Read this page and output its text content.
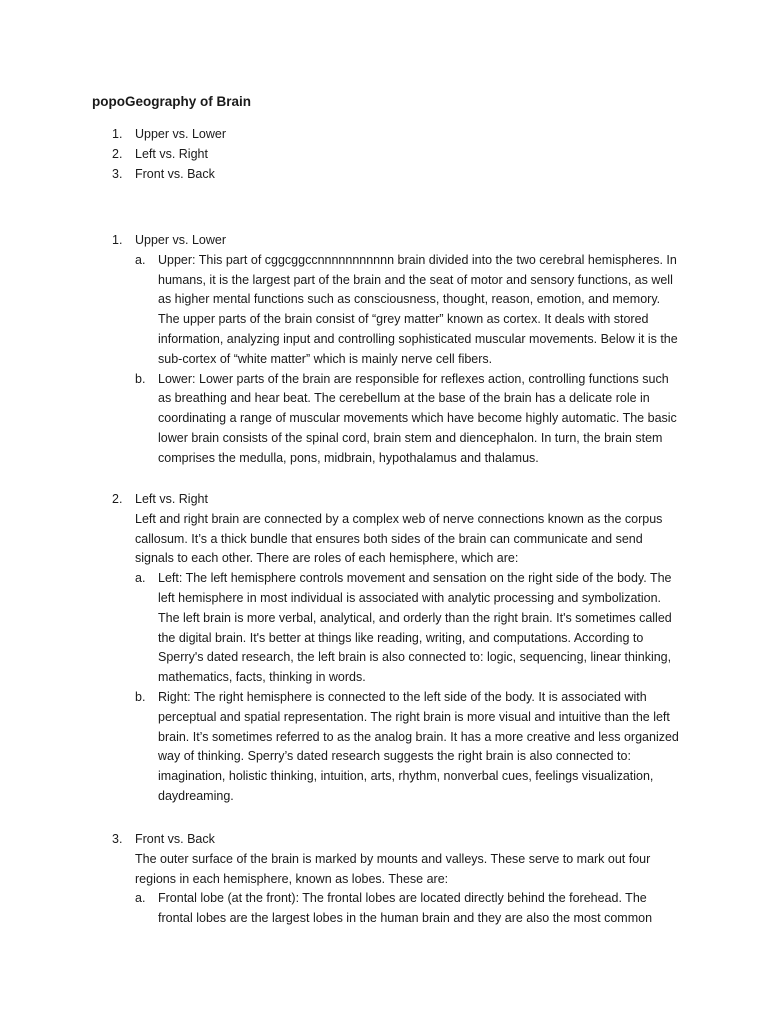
popoGeography of Brain
1. Upper vs. Lower
2. Left vs. Right
3. Front vs. Back
1. Upper vs. Lower
a. Upper: This part of cggcggccnnnnnnnnnnn brain divided into the two cerebral hemispheres. In humans, it is the largest part of the brain and the seat of motor and sensory functions, as well as higher mental functions such as consciousness, thought, reason, emotion, and memory. The upper parts of the brain consist of “grey matter” known as cortex. It deals with stored information, analyzing input and controlling sophisticated muscular movements. Below it is the sub-cortex of “white matter” which is mainly nerve cell fibers.
b. Lower: Lower parts of the brain are responsible for reflexes action, controlling functions such as breathing and hear beat. The cerebellum at the base of the brain has a delicate role in coordinating a range of muscular movements which have become highly automatic. The basic lower brain consists of the spinal cord, brain stem and diencephalon. In turn, the brain stem comprises the medulla, pons, midbrain, hypothalamus and thalamus.
2. Left vs. Right
Left and right brain are connected by a complex web of nerve connections known as the corpus callosum. It’s a thick bundle that ensures both sides of the brain can communicate and send signals to each other. There are roles of each hemisphere, which are:
a. Left: The left hemisphere controls movement and sensation on the right side of the body. The left hemisphere in most individual is associated with analytic processing and symbolization. The left brain is more verbal, analytical, and orderly than the right brain. It's sometimes called the digital brain. It's better at things like reading, writing, and computations. According to Sperry's dated research, the left brain is also connected to: logic, sequencing, linear thinking, mathematics, facts, thinking in words.
b. Right: The right hemisphere is connected to the left side of the body. It is associated with perceptual and spatial representation. The right brain is more visual and intuitive than the left brain. It’s sometimes referred to as the analog brain. It has a more creative and less organized way of thinking. Sperry’s dated research suggests the right brain is also connected to: imagination, holistic thinking, intuition, arts, rhythm, nonverbal cues, feelings visualization, daydreaming.
3. Front vs. Back
The outer surface of the brain is marked by mounts and valleys. These serve to mark out four regions in each hemisphere, known as lobes. These are:
a. Frontal lobe (at the front): The frontal lobes are located directly behind the forehead. The frontal lobes are the largest lobes in the human brain and they are also the most common
